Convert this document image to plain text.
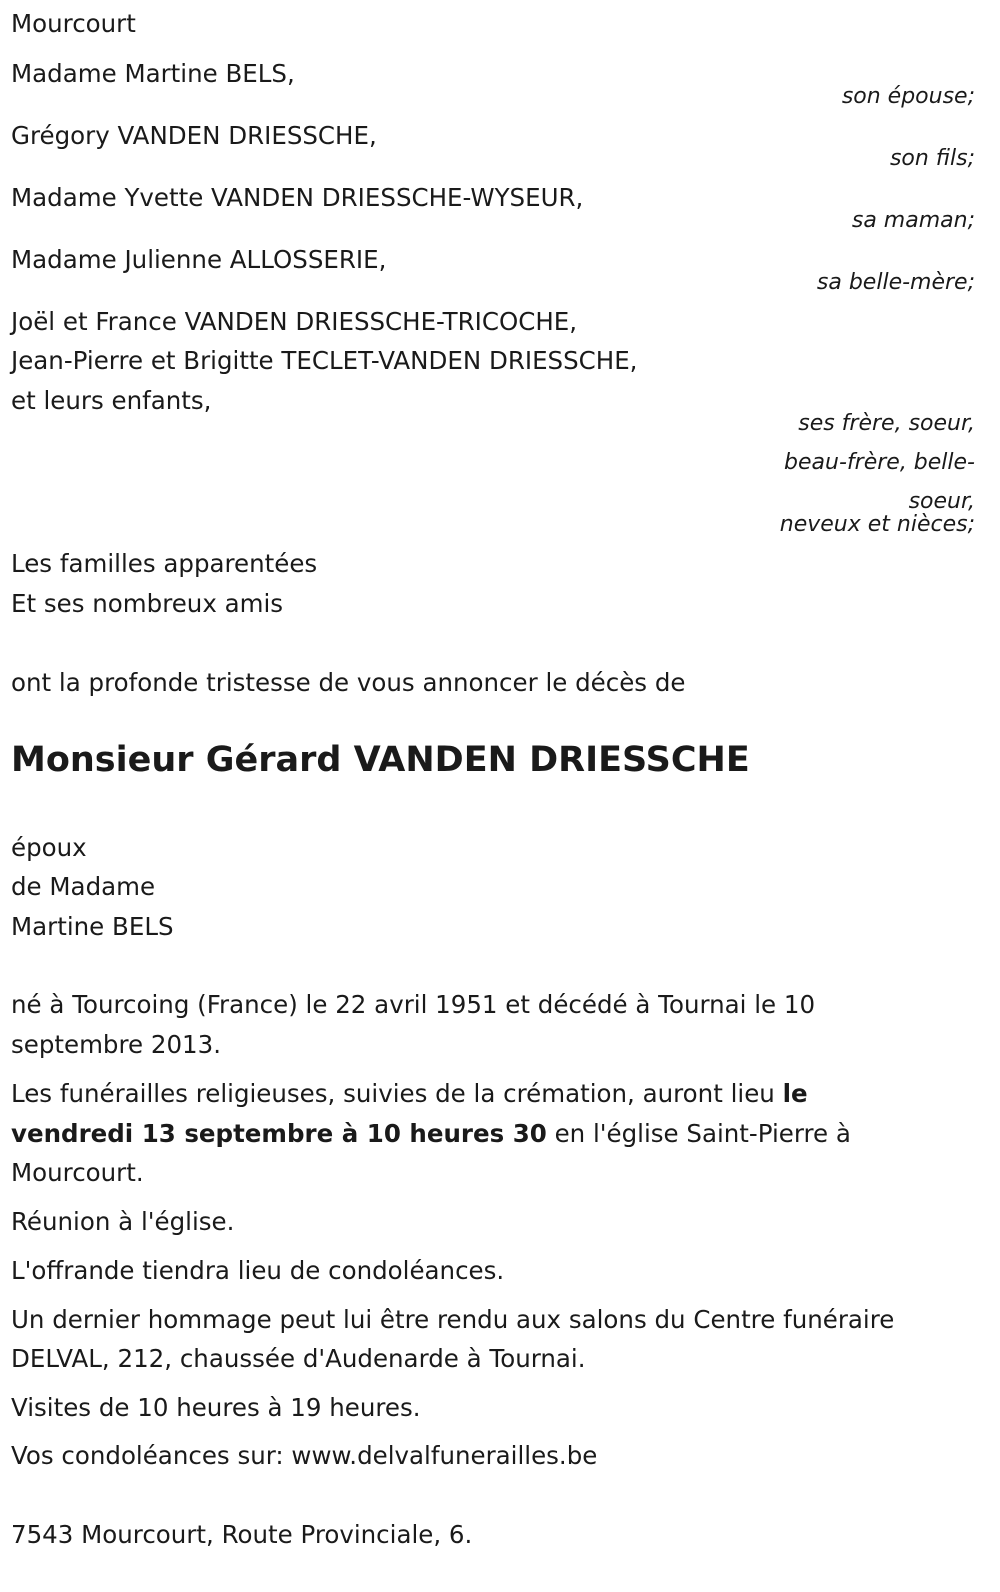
Mourcourt
Madame Martine BELS,
son épouse;
Grégory VANDEN DRIESSCHE,
son fils;
Madame Yvette VANDEN DRIESSCHE-WYSEUR,
sa maman;
Madame Julienne ALLOSSERIE,
sa belle-mère;
Joël et France VANDEN DRIESSCHE-TRICOCHE,
Jean-Pierre et Brigitte TECLET-VANDEN DRIESSCHE,
et leurs enfants,
ses frère, soeur,
beau-frère, belle-
soeur,
neveux et nièces;
Les familles apparentées
Et ses nombreux amis
ont la profonde tristesse de vous annoncer le décès de
Monsieur Gérard VANDEN DRIESSCHE
époux
de Madame
Martine BELS
né à Tourcoing (France) le 22 avril 1951 et décédé à Tournai le 10
septembre 2013.
Les funérailles religieuses, suivies de la crémation, auront lieu le
vendredi 13 septembre à 10 heures 30 en l'église Saint-Pierre à
Mourcourt.
Réunion à l'église.
L'offrande tiendra lieu de condoléances.
Un dernier hommage peut lui être rendu aux salons du Centre funéraire
DELVAL, 212, chaussée d'Audenarde à Tournai.
Visites de 10 heures à 19 heures.
Vos condoléances sur: www.delvalfunerailles.be
7543 Mourcourt, Route Provinciale, 6.
